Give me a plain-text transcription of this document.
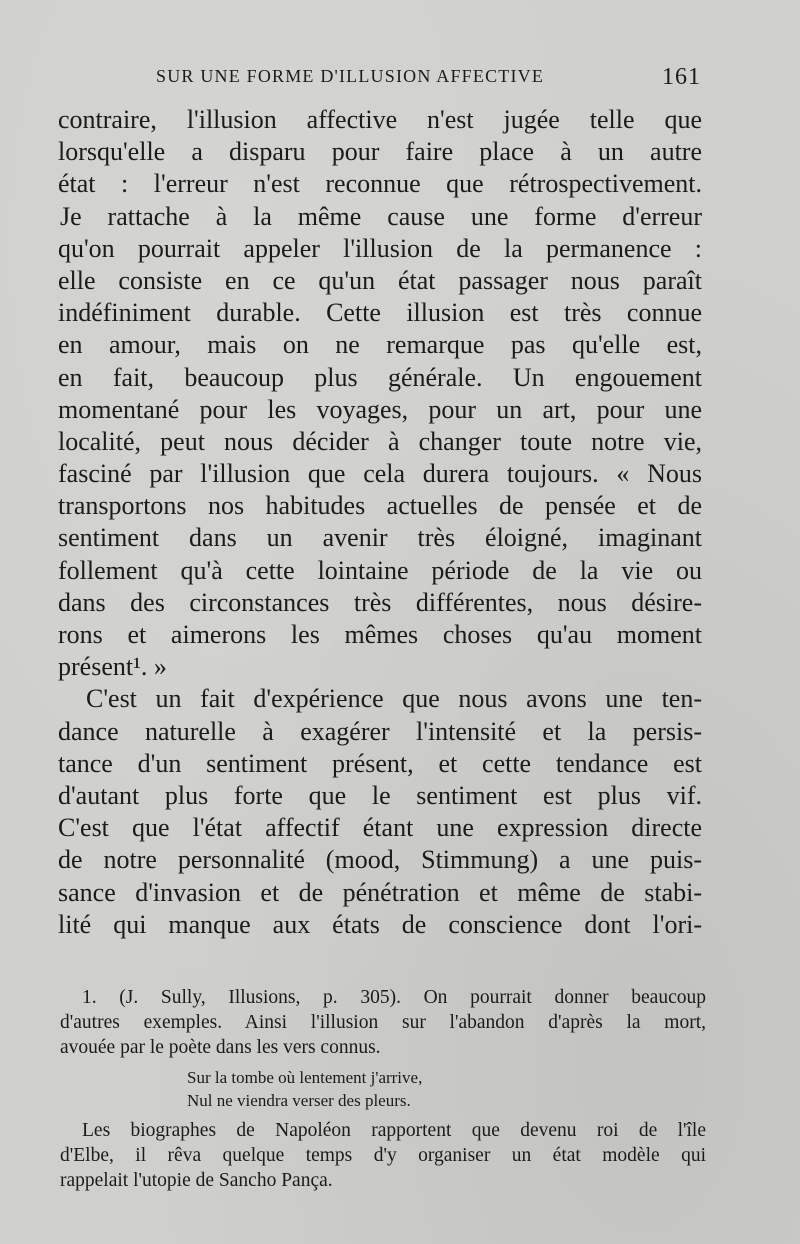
SUR UNE FORME D'ILLUSION AFFECTIVE	161
contraire, l'illusion affective n'est jugée telle que
lorsqu'elle a disparu pour faire place à un autre
état : l'erreur n'est reconnue que rétrospectivement.
Je rattache à la même cause une forme d'erreur
qu'on pourrait appeler l'illusion de la permanence :
elle consiste en ce qu'un état passager nous paraît
indéfiniment durable. Cette illusion est très connue
en amour, mais on ne remarque pas qu'elle est,
en fait, beaucoup plus générale. Un engouement
momentané pour les voyages, pour un art, pour une
localité, peut nous décider à changer toute notre vie,
fasciné par l'illusion que cela durera toujours. « Nous
transportons nos habitudes actuelles de pensée et de
sentiment dans un avenir très éloigné, imaginant
follement qu'à cette lointaine période de la vie ou
dans des circonstances très différentes, nous désire-
rons et aimerons les mêmes choses qu'au moment
présent¹. »
C'est un fait d'expérience que nous avons une ten-
dance naturelle à exagérer l'intensité et la persis-
tance d'un sentiment présent, et cette tendance est
d'autant plus forte que le sentiment est plus vif.
C'est que l'état affectif étant une expression directe
de notre personnalité (mood, Stimmung) a une puis-
sance d'invasion et de pénétration et même de stabi-
lité qui manque aux états de conscience dont l'ori-
1. (J. Sully, Illusions, p. 305). On pourrait donner beaucoup
d'autres exemples. Ainsi l'illusion sur l'abandon d'après la mort,
avouée par le poète dans les vers connus.
Sur la tombe où lentement j'arrive,
Nul ne viendra verser des pleurs.
Les biographes de Napoléon rapportent que devenu roi de l'île
d'Elbe, il rêva quelque temps d'y organiser un état modèle qui
rappelait l'utopie de Sancho Pança.
